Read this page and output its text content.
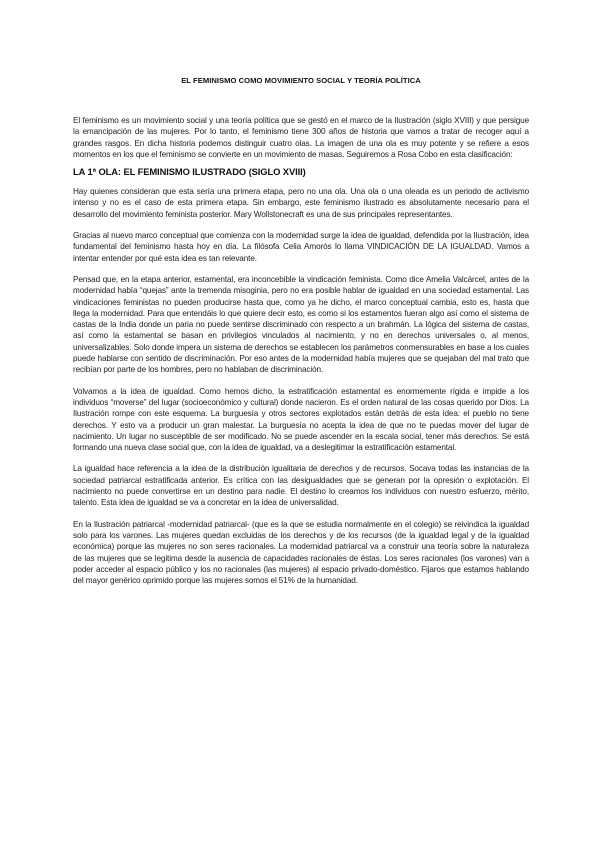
EL FEMINISMO COMO MOVIMIENTO SOCIAL Y TEORÍA POLÍTICA

El feminismo es un movimiento social y una teoría política que se gestó en el marco de la Ilustración (siglo XVIII) y que persigue la emancipación de las mujeres. Por lo tanto, el feminismo tiene 300 años de historia que vamos a tratar de recoger aquí a grandes rasgos. En dicha historia podemos distinguir cuatro olas. La imagen de una ola es muy potente y se refiere a esos momentos en los que el feminismo se convierte en un movimiento de masas. Seguiremos a Rosa Cobo en esta clasificación:

LA 1ª OLA: EL FEMINISMO ILUSTRADO (SIGLO XVIII)

Hay quienes consideran que esta sería una primera etapa, pero no una ola. Una ola o una oleada es un periodo de activismo intenso y no es el caso de esta primera etapa. Sin embargo, este feminismo ilustrado es absolutamente necesario para el desarrollo del movimiento feminista posterior. Mary Wollstonecraft es una de sus principales representantes.

Gracias al nuevo marco conceptual que comienza con la modernidad surge la idea de igualdad, defendida por la Ilustración, idea fundamental del feminismo hasta hoy en día. La filósofa Celia Amorós lo llama VINDICACIÓN DE LA IGUALDAD. Vamos a intentar entender por qué esta idea es tan relevante.

Pensad que, en la etapa anterior, estamental, era inconcebible la vindicación feminista. Como dice Amelia Valcárcel, antes de la modernidad había “quejas” ante la tremenda misoginia, pero no era posible hablar de igualdad en una sociedad estamental. Las vindicaciones feministas no pueden producirse hasta que, como ya he dicho, el marco conceptual cambia, esto es, hasta que llega la modernidad. Para que entendáis lo que quiere decir esto, es como si los estamentos fueran algo así como el sistema de castas de la India donde un paria no puede sentirse discriminado con respecto a un brahmán. La lógica del sistema de castas, así como la estamental se basan en privilegios vinculados al nacimiento, y no en derechos universales o, al menos, universalizables. Solo donde impera un sistema de derechos se establecen los parámetros conmensurables en base a los cuales puede hablarse con sentido de discriminación. Por eso antes de la modernidad había mujeres que se quejaban del mal trato que recibían por parte de los hombres, pero no hablaban de discriminación.

Volvamos a la idea de igualdad. Como hemos dicho, la estratificación estamental es enormemente rígida e impide a los individuos “moverse” del lugar (socioeconómico y cultural) donde nacieron. Es el orden natural de las cosas querido por Dios. La Ilustración rompe con este esquema. La burguesía y otros sectores explotados están detrás de esta idea: el pueblo no tiene derechos. Y esto va a producir un gran malestar. La burguesía no acepta la idea de que no te puedas mover del lugar de nacimiento. Un lugar no susceptible de ser modificado. No se puede ascender en la escala social, tener más derechos. Se está formando una nueva clase social que, con la idea de igualdad, va a deslegitimar la estratificación estamental.

La igualdad hace referencia a la idea de la distribución igualitaria de derechos y de recursos. Socava todas las instancias de la sociedad patriarcal estratificada anterior. Es crítica con las desigualdades que se generan por la opresión o explotación. El nacimiento no puede convertirse en un destino para nadie. El destino lo creamos los individuos con nuestro esfuerzo, mérito, talento. Esta idea de igualdad se va a concretar en la idea de universalidad.

En la Ilustración patriarcal -modernidad patriarcal- (que es la que se estudia normalmente en el colegio) se reivindica la igualdad solo para los varones. Las mujeres quedan excluidas de los derechos y de los recursos (de la igualdad legal y de la igualdad económica) porque las mujeres no son seres racionales. La modernidad patriarcal va a construir una teoría sobre la naturaleza de las mujeres que se legitima desde la ausencia de capacidades racionales de éstas. Los seres racionales (los varones) van a poder acceder al espacio público y los no racionales (las mujeres) al espacio privado-doméstico. Fijaros que estamos hablando del mayor genérico oprimido porque las mujeres somos el 51% de la humanidad.
